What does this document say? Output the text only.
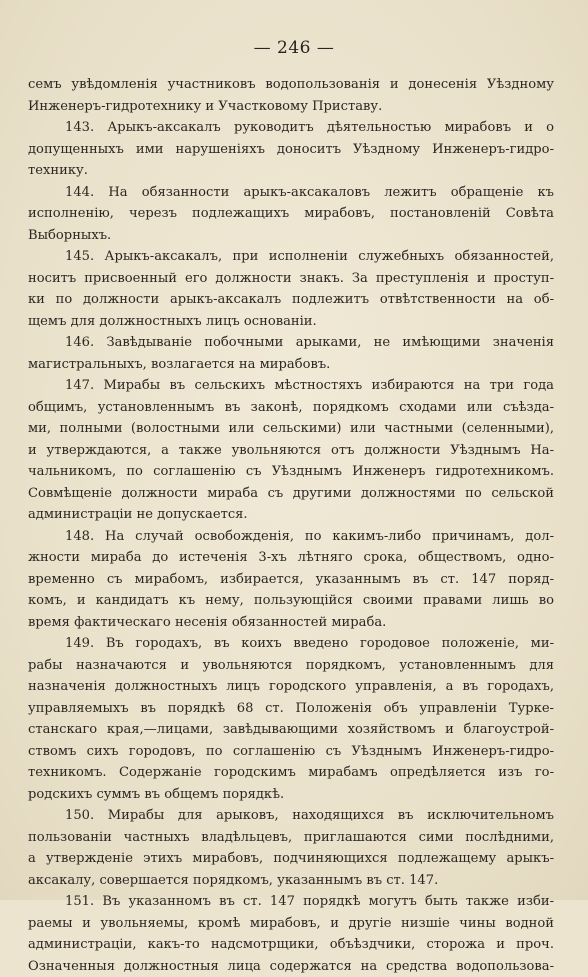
— 246 —
семъ увѣдомленія участниковъ водопользованія и донесенія Уѣздному
Инженеръ-гидротехнику и Участковому Приставу.
143. Арыкъ-аксакалъ руководитъ дѣятельностью мирабовъ и о
допущенныхъ ими нарушеніяхъ доноситъ Уѣздному Инженеръ-гидро-
технику.
144. На обязанности арыкъ-аксакаловъ лежитъ обращеніе къ
исполненію, черезъ подлежащихъ мирабовъ, постановленій Совѣта
Выборныхъ.
145. Арыкъ-аксакалъ, при исполненіи служебныхъ обязанностей,
носитъ присвоенный его должности знакъ. За преступленія и проступ-
ки по должности арыкъ-аксакалъ подлежитъ отвѣтственности на об-
щемъ для должностныхъ лицъ основаніи.
146. Завѣдываніе побочными арыками, не имѣющими значенія
магистральныхъ, возлагается на мирабовъ.
147. Мирабы въ сельскихъ мѣстностяхъ избираются на три года
общимъ, установленнымъ въ законѣ, порядкомъ сходами или съѣзда-
ми, полными (волостными или сельскими) или частными (селенными),
и утверждаются, а также увольняются отъ должности Уѣзднымъ На-
чальникомъ, по соглашенію съ Уѣзднымъ Инженеръ гидротехникомъ.
Совмѣщеніе должности мираба съ другими должностями по сельской
администраціи не допускается.
148. На случай освобожденія, по какимъ-либо причинамъ, дол-
жности мираба до истеченія 3-хъ лѣтняго срока, обществомъ, одно-
временно съ мирабомъ, избирается, указаннымъ въ ст. 147 поряд-
комъ, и кандидатъ къ нему, пользующійся своими правами лишь во
время фактическаго несенія обязанностей мираба.
149. Въ городахъ, въ коихъ введено городовое положеніе, ми-
рабы назначаются и увольняются порядкомъ, установленнымъ для
назначенія должностныхъ лицъ городского управленія, а въ городахъ,
управляемыхъ въ порядкѣ 68 ст. Положенія объ управленіи Турке-
станскаго края,—лицами, завѣдывающими хозяйствомъ и благоустрой-
ствомъ сихъ городовъ, по соглашенію съ Уѣзднымъ Инженеръ-гидро-
техникомъ. Содержаніе городскимъ мирабамъ опредѣляется изъ го-
родскихъ суммъ въ общемъ порядкѣ.
150. Мирабы для арыковъ, находящихся въ исключительномъ
пользованіи частныхъ владѣльцевъ, приглашаются сими послѣдними,
а утвержденіе этихъ мирабовъ, подчиняющихся подлежащему арыкъ-
аксакалу, совершается порядкомъ, указаннымъ въ ст. 147.
151. Въ указанномъ въ ст. 147 порядкѣ могутъ быть также изби-
раемы и увольняемы, кромѣ мирабовъ, и другіе низшіе чины водной
администраціи, какъ-то надсмотрщики, объѣздчики, сторожа и проч.
Означенныя должностныя лица содержатся на средства водопользова-
